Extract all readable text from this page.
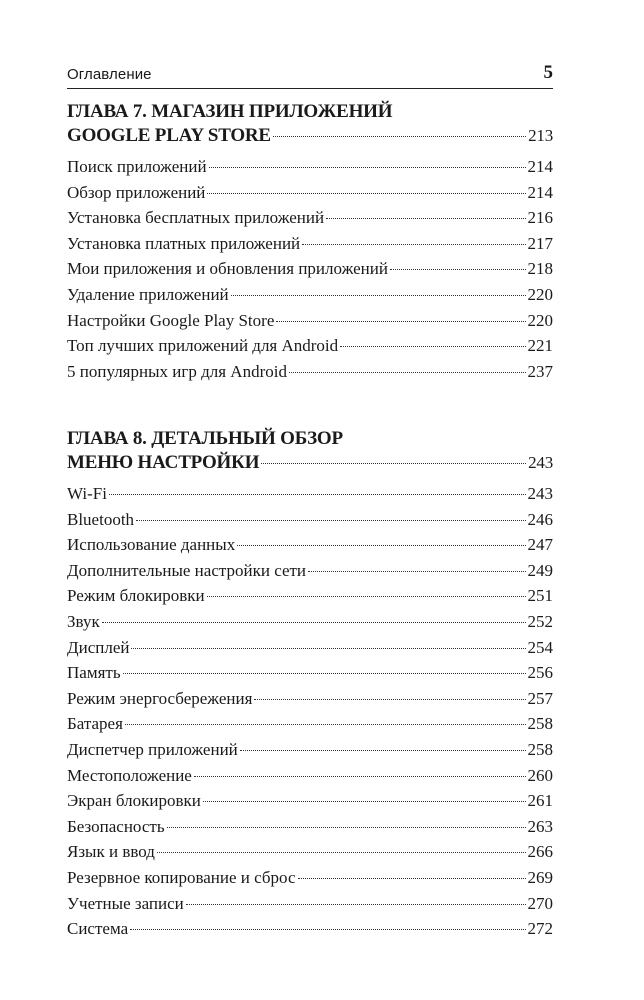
Оглавление	5
ГЛАВА 7. МАГАЗИН ПРИЛОЖЕНИЙ
GOOGLE PLAY STORE	213
Поиск приложений	214
Обзор приложений	214
Установка бесплатных приложений	216
Установка платных приложений	217
Мои приложения и обновления приложений	218
Удаление приложений	220
Настройки Google Play Store	220
Топ лучших приложений для Android	221
5 популярных игр для Android	237
ГЛАВА 8. ДЕТАЛЬНЫЙ ОБЗОР
МЕНЮ НАСТРОЙКИ	243
Wi-Fi	243
Bluetooth	246
Использование данных	247
Дополнительные настройки сети	249
Режим блокировки	251
Звук	252
Дисплей	254
Память	256
Режим энергосбережения	257
Батарея	258
Диспетчер приложений	258
Местоположение	260
Экран блокировки	261
Безопасность	263
Язык и ввод	266
Резервное копирование и сброс	269
Учетные записи	270
Система	272
